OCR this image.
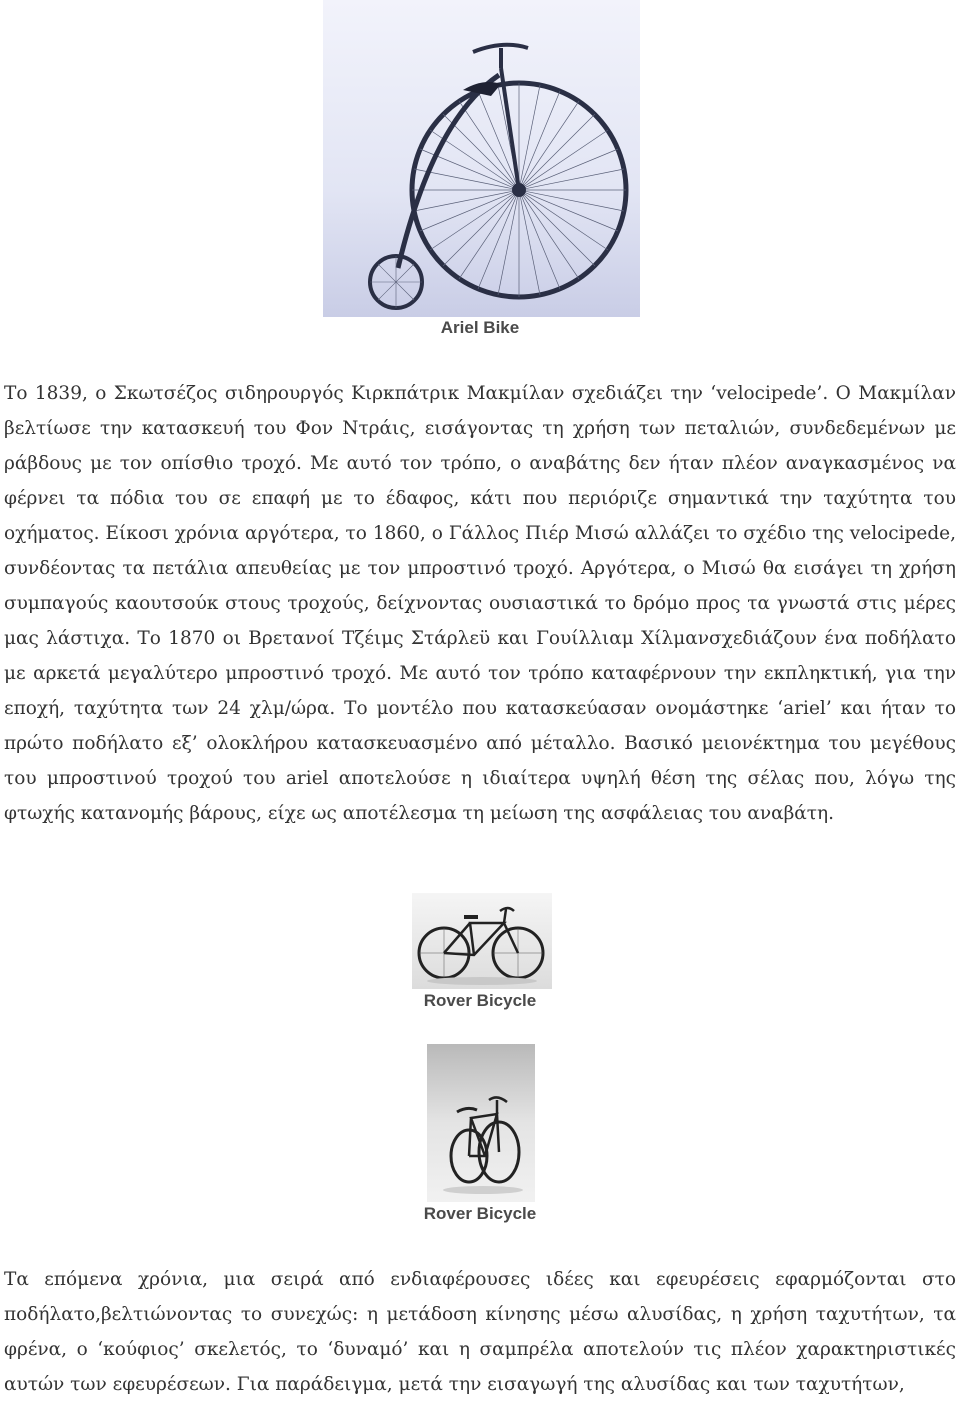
Ariel Bike

Το 1839, ο Σκωτσέζος σιδηρουργός Κιρκπάτρικ Μακμίλαν σχεδιάζει την ‘velocipede’. Ο Μακμίλαν βελτίωσε την κατασκευή του Φον Ντράις, εισάγοντας τη χρήση των πεταλιών, συνδεδεμένων με ράβδους με τον οπίσθιο τροχό. Με αυτό τον τρόπο, ο αναβάτης δεν ήταν πλέον αναγκασμένος να φέρνει τα πόδια του σε επαφή με το έδαφος, κάτι που περιόριζε σημαντικά την ταχύτητα του οχήματος. Είκοσι χρόνια αργότερα, το 1860, ο Γάλλος Πιέρ Μισώ αλλάζει το σχέδιο της velocipede, συνδέοντας τα πετάλια απευθείας με τον μπροστινό τροχό. Αργότερα, ο Μισώ θα εισάγει τη χρήση συμπαγούς καουτσούκ στους τροχούς, δείχνοντας ουσιαστικά το δρόμο προς τα γνωστά στις μέρες μας λάστιχα. Το 1870 οι Βρετανοί Τζέιμς Στάρλεϋ και Γουίλλιαμ Χίλμανσχεδιάζουν ένα ποδήλατο με αρκετά μεγαλύτερο μπροστινό τροχό. Με αυτό τον τρόπο καταφέρνουν την εκπληκτική, για την εποχή, ταχύτητα των 24 χλμ/ώρα. Το μοντέλο που κατασκεύασαν ονομάστηκε ‘ariel’ και ήταν το πρώτο ποδήλατο εξ’ ολοκλήρου κατασκευασμένο από μέταλλο. Βασικό μειονέκτημα του μεγέθους του μπροστινού τροχού του ariel αποτελούσε η ιδιαίτερα υψηλή θέση της σέλας που, λόγω της φτωχής κατανομής βάρους, είχε ως αποτέλεσμα τη μείωση της ασφάλειας του αναβάτη.

Rover Bicycle
Rover Bicycle

Τα επόμενα χρόνια, μια σειρά από ενδιαφέρουσες ιδέες και εφευρέσεις εφαρμόζονται στο ποδήλατο,βελτιώνοντας το συνεχώς: η μετάδοση κίνησης μέσω αλυσίδας, η χρήση ταχυτήτων, τα φρένα, ο ‘κούφιος’ σκελετός, το ‘δυναμό’ και η σαμπρέλα αποτελούν τις πλέον χαρακτηριστικές αυτών των εφευρέσεων. Για παράδειγμα, μετά την εισαγωγή της αλυσίδας και των ταχυτήτων,
